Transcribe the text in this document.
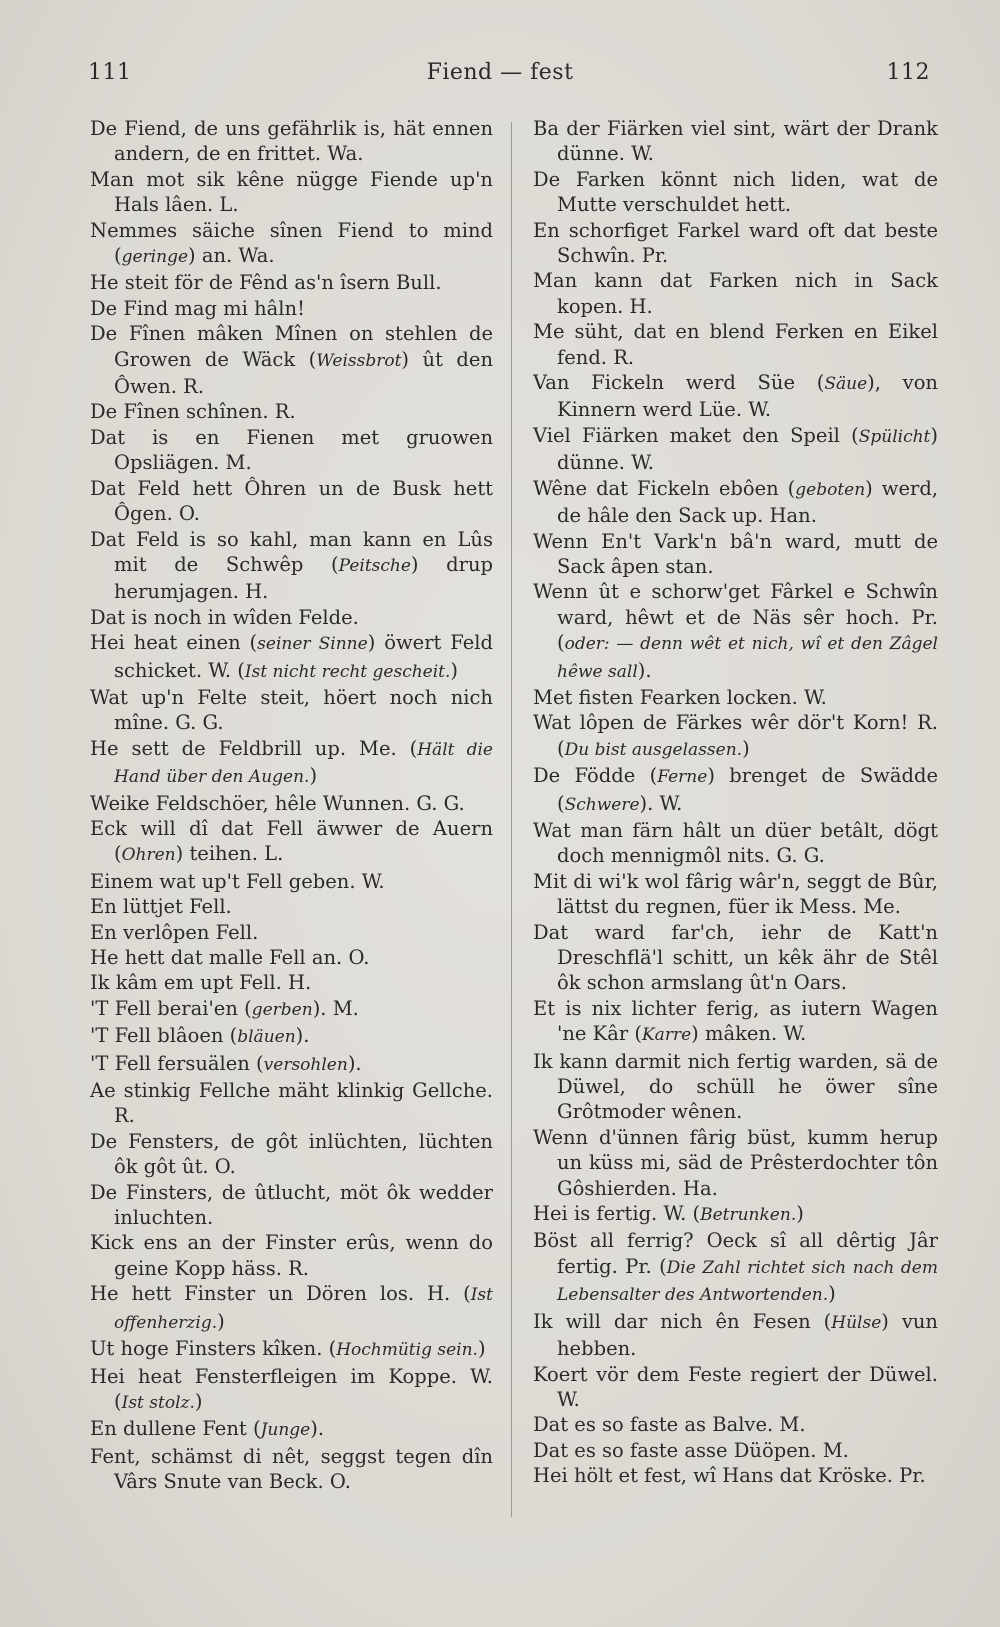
111	Fiend — fest	112
De Fiend, de uns gefährlik is, hät ennen andern, de en frittet. Wa.
Man mot sik kêne nügge Fiende up'n Hals lâen. L.
Nemmes säiche sînen Fiend to mind (geringe) an. Wa.
He steit för de Fênd as'n îsern Bull.
De Find mag mi hâln!
De Fînen mâken Mînen on stehlen de Growen de Wäck (Weissbrot) ût den Ôwen. R.
De Fînen schînen. R.
Dat is en Fienen met gruowen Opsliägen. M.
Dat Feld hett Ôhren un de Busk hett Ôgen. O.
Dat Feld is so kahl, man kann en Lûs mit de Schwêp (Peitsche) drup herumjagen. H.
Dat is noch in wîden Felde.
Hei heat einen (seiner Sinne) öwert Feld schicket. W. (Ist nicht recht gescheit.)
Wat up'n Felte steit, höert noch nich mîne. G. G.
He sett de Feldbrill up. Me. (Hält die Hand über den Augen.)
Weike Feldschöer, hêle Wunnen. G. G.
Eck will dî dat Fell äwwer de Auern (Ohren) teihen. L.
Einem wat up't Fell geben. W.
En lüttjet Fell.
En verlôpen Fell.
He hett dat malle Fell an. O.
Ik kâm em upt Fell. H.
'T Fell berai'en (gerben). M.
'T Fell blâoen (bläuen).
'T Fell fersuälen (versohlen).
Ae stinkig Fellche mäht klinkig Gellche. R.
De Fensters, de gôt inlüchten, lüchten ôk gôt ût. O.
De Finsters, de ûtlucht, möt ôk wedder inluchten.
Kick ens an der Finster erûs, wenn do geine Kopp häss. R.
He hett Finster un Dören los. H. (Ist offenherzig.)
Ut hoge Finsters kîken. (Hochmütig sein.)
Hei heat Fensterfleigen im Koppe. W. (Ist stolz.)
En dullene Fent (Junge).
Fent, schämst di nêt, seggst tegen dîn Vârs Snute van Beck. O.
Ba der Fiärken viel sint, wärt der Drank dünne. W.
De Farken könnt nich liden, wat de Mutte verschuldet hett.
En schorfiget Farkel ward oft dat beste Schwîn. Pr.
Man kann dat Farken nich in Sack kopen. H.
Me süht, dat en blend Ferken en Eikel fend. R.
Van Fickeln werd Süe (Säue), von Kinnern werd Lüe. W.
Viel Fiärken maket den Speil (Spülicht) dünne. W.
Wêne dat Fickeln ebôen (geboten) werd, de hâle den Sack up. Han.
Wenn En't Vark'n bâ'n ward, mutt de Sack âpen stan.
Wenn ût e schorw'get Fârkel e Schwîn ward, hêwt et de Näs sêr hoch. Pr. (oder: — denn wêt et nich, wî et den Zâgel hêwe sall).
Met fisten Fearken locken. W.
Wat lôpen de Färkes wêr dör't Korn! R. (Du bist ausgelassen.)
De Födde (Ferne) brenget de Swädde (Schwere). W.
Wat man färn hâlt un düer betâlt, dögt doch mennigmôl nits. G. G.
Mit di wi'k wol fârig wâr'n, seggt de Bûr, lättst du regnen, füer ik Mess. Me.
Dat ward far'ch, iehr de Katt'n Dreschflä'l schitt, un kêk ähr de Stêl ôk schon armslang ût'n Oars.
Et is nix lichter ferig, as iutern Wagen 'ne Kâr (Karre) mâken. W.
Ik kann darmit nich fertig warden, sä de Düwel, do schüll he öwer sîne Grôtmoder wênen.
Wenn d'ünnen fârig büst, kumm herup un küss mi, säd de Prêsterdochter tôn Gôshierden. Ha.
Hei is fertig. W. (Betrunken.)
Böst all ferrig? Oeck sî all dêrtig Jâr fertig. Pr. (Die Zahl richtet sich nach dem Lebensalter des Antwortenden.)
Ik will dar nich ên Fesen (Hülse) vun hebben.
Koert vör dem Feste regiert der Düwel. W.
Dat es so faste as Balve. M.
Dat es so faste asse Düöpen. M.
Hei hölt et fest, wî Hans dat Kröske. Pr.
